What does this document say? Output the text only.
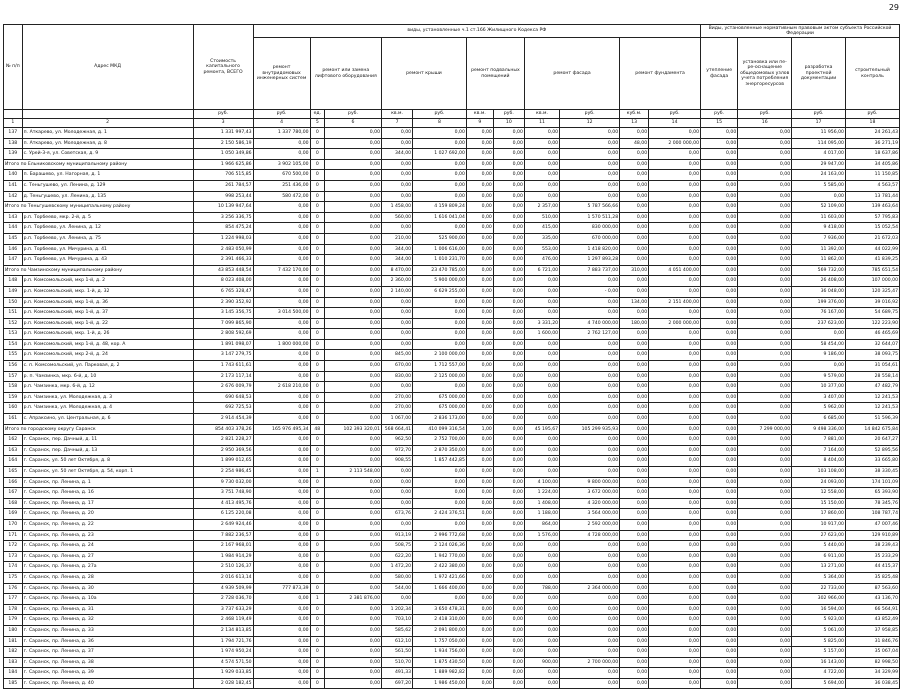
29
№ п/п	Адрес МКД	Стоимость капитального ремонта, ВСЕГО	виды, установленные ч.1 ст.166 Жилищного Кодекса РФ											Виды, установленные нормативным правовым актом субъекта Российской Федерации			
			ремонт внутридомовых инженерных систем	ремонт или замена лифтового оборудования		ремонт крыши		ремонт подвальных помещений		ремонт фасада		ремонт фундамента		утепление фасада	установка или пе-ре-оснащение общедомовых узлов учета потребления энергоресурсов	разработка проектной документации	строительный контроль
		руб.	руб.	ед.	руб.	кв.м.	руб.	кв.м.	руб.	кв.м.	руб.	куб.м.	руб.	руб.	руб.	руб.	руб.
1	2	3	4	5	6	7	8	9	10	11	12	13	14	15	16	17	18
137	п. Аткарево, ул. Молодежная, д. 1	1 331 997,43	1 337 780,00	0	0,00	0,00	0,00	0,00	0,00	0,00	0,00	0,00	0,00	0,00	0,00	11 956,00	24 261,43
138	п. Аткарево, ул. Молодежная, д. 8	2 150 586,19	0,00	0	0,00	0,00	0,00	0,00	0,00	0,00	0,00	48,00	2 000 000,00	0,00	0,00	114 095,00	36 271,19
139	с. Урей-3-я, ул. Советская, д. 9	1 050 349,86	0,00	0	0,00	344,00	1 027 692,00	0,00	0,00	0,00	0,00	0,00	0,00	0,00	0,00	4 017,00	18 637,86
Итого по Ельниковскому муниципальному району		1 966 625,86	3 902 105,00	0	0,00	0,00	0,00	0,00	0,00	0,00	0,00	0,00	0,00	0,00	0,00	29 947,00	34 405,86
140	п. Барашево, ул. Нагорная, д. 1	706 515,85	670 500,00	0	0,00	0,00	0,00	0,00	0,00	0,00	0,00	0,00	0,00	0,00	0,00	24 163,00	11 150,85
141	с. Теньгушево, ул. Ленина, д. 129	261 784,57	251 436,00	0	0,00	0,00	0,00	0,00	0,00	0,00	0,00	0,00	0,00	0,00	0,00	5 585,00	4 563,57
142	д. Теньгушево, ул. Ленина, д. 135	998 253,44	580 472,00	0	0,00	0,00	0,00	0,00	0,00	0,00	0,00	0,00	0,00	0,00	0,00	0,00	13 781,44
Итого по Теньгушевскому муниципальному району		10 139 947,64	0,00	0	0,00	1 458,00	4 159 809,24	0,00	0,00	2 357,00	5 787 566,66	0,00	0,00	0,00	0,00	52 109,00	139 463,64
143	р.п. Торбеево, мкр. 2-й, д. 5	3 256 336,75	0,00	0	0,00	560,00	1 616 041,04	0,00	0,00	510,00	1 570 511,28	0,00	0,00	0,00	0,00	11 603,00	57 795,83
144	р.п. Торбеево, ул. Ленина, д. 12	854 475,24	0,00	0	0,00	0,00	0,00	0,00	0,00	415,00	830 000,00	0,00	0,00	0,00	0,00	9 418,00	15 052,54
145	р.п. Торбеево, ул. Ленина, д. 75	1 224 998,03	0,00	0	0,00	210,00	525 900,00	0,00	0,00	335,00	670 000,00	0,00	0,00	0,00	0,00	7 936,00	21 672,03
146	р.п. Торбеево, ул. Мичурина, д. 41	2 483 050,99	0,00	0	0,00	344,00	1 006 616,00	0,00	0,00	553,00	1 418 820,00	0,00	0,00	0,00	0,00	11 392,00	44 022,99
147	р.п. Торбеево, ул. Мичурина, д. 43	2 391 466,33	0,00	0	0,00	344,00	1 010 231,70	0,00	0,00	476,00	1 297 893,28	0,00	0,00	0,00	0,00	11 862,00	41 839,25
Итого по Чамзинскому муниципальному району		43 853 448,54	7 432 170,00	0	0,00	8 470,00	23 470 785,00	0,00	0,00	6 721,00	7 883 737,00	310,00	4 051 400,00	0,00	0,00	569 732,00	785 651,54
148	р.п. Комсомольский, мкр 1-й, д. 2	8 023 408,00	0,00	0	0,00	2 360,00	5 900 000,00	0,00	0,00	0,00	0,00	0,00	0,00	0,00	0,00	26 408,00	107 000,00
149	р.п. Комсомольский, мкр. 1-й, д. 32	6 765 328,47	0,00	0	0,00	2 140,00	6 629 255,00	0,00	0,00	0,00	- 0,00	0,00	0,00	0,00	0,00	36 048,00	120 325,47
150	р.п. Комсомольский, мкр 1-й, д. 36	2 390 352,92	0,00	0	0,00	0,00	0,00	0,00	0,00	0,00	0,00	134,00	2 151 400,00	0,00	0,00	199 376,00	39 016,92
151	р.п. Комсомольский, мкр 1-й, д. 37	3 145 356,75	3 014 500,00	0	0,00	0,00	0,00	0,00	0,00	0,00	0,00	0,00	0,00	0,00	0,00	76 167,00	54 689,75
152	р.п. Комсомольский, мкр 1-й, д. 22	7 099 865,90	0,00	0	0,00	0,00	0,00	0,00	0,00	3 331,20	4 740 000,00	180,00	2 000 000,00	0,00	0,00	237 623,00	122 223,90
153	р.п. Комсомольский, мкр. 1-й, д. 26	2 808 592,69	0,00	0	0,00	0,00	0,00	0,00	0,00	1 600,00	2 762 127,00	0,00	0,00	0,00	0,00	0,00	46 465,69
154	р.п. Комсомольский, мкр 1-й, д. 48, кор. А	1 891 098,07	1 800 000,00	0	0,00	0,00	0,00	0,00	0,00	0,00	0,00	0,00	0,00	0,00	0,00	58 454,00	32 644,07
155	р.п. Комсомольский, мкр 2-й, д. 24	3 147 279,75	0,00	0	0,00	845,00	2 100 000,00	0,00	0,00	0,00	0,00	0,00	0,00	0,00	0,00	9 186,00	38 093,75
156	с. п. Комсомольский, ул. Парковая, д. 2	1 743 611,61	0,00	0	0,00	670,00	1 712 557,00	0,00	0,00	0,00	0,00	0,00	0,00	0,00	0,00	0,00	31 054,61
157	р. п. Чамзинка, мкр. 6-й, д. 10	2 173 117,14	0,00	0	0,00	830,00	2 125 000,00	0,00	0,00	0,00	0,00	0,00	0,00	0,00	0,00	9 579,00	28 558,14
158	р.п. Чамзинка, мкр. 6-й, д. 12	2 676 009,79	2 618 210,00	0	0,00	0,00	0,00	0,00	0,00	0,00	0,00	0,00	0,00	0,00	0,00	10 377,00	47 482,79
159	р.п. Чамзинка, ул. Молодежная, д. 3	690 648,53	0,00	0	0,00	270,00	675 000,00	0,00	0,00	0,00	0,00	0,00	0,00	0,00	0,00	3 407,00	12 241,53
160	р.п. Чамзинка, ул. Молодежная, д. 4	692 725,53	0,00	0	0,00	270,00	675 000,00	0,00	0,00	0,00	0,00	0,00	0,00	0,00	0,00	5 962,00	12 241,53
161	с. Апраксино, ул. Центральная, д. 6	2 914 454,39	0,00	0	0,00	1 067,00	2 836 173,00	0,00	0,00	0,00	0,00	0,00	0,00	0,00	0,00	6 685,00	51 596,39
Итого по городскому округу Саранск		854 403 378,26	165 976 495,34	48	102 393 320,01	568 664,41	410 099 316,54	1,00	0,00	45 195,67	105 299 935,93	0,00	0,00	0,00	7 299 000,00	9 498 336,00	14 842 675,84
162	г. Саранск, пер. Дачный, д. 11	2 821 228,27	0,00	0	0,00	962,50	2 752 700,00	0,00	0,00	0,00	0,00	0,00	0,00	0,00	0,00	7 881,00	20 647,27
163	г. Саранск, пер. Дачный, д. 13	2 950 369,56	0,00	0	0,00	972,70	2 870 350,00	0,00	0,00	0,00	0,00	0,00	0,00	0,00	0,00	7 164,00	52 895,56
164	г. Саранск, ул. 50 лет Октября, д. 8	1 899 012,65	0,00	0	0,00	908,55	1 857 442,85	0,00	0,00	0,00	0,00	0,00	0,00	0,00	0,00	8 404,00	33 665,80
165	г. Саранск, ул. 50 лет Октября, д. 54, корп. 1	2 254 986,45	0,00	1	2 113 548,00	0,00	0,00	0,00	0,00	0,00	0,00	0,00	0,00	0,00	0,00	103 108,00	38 330,45
166	г. Саранск, пр. Ленина, д. 1	9 730 032,00	0,00	0	0,00	0,00	0,00	0,00	0,00	4 100,00	9 800 000,00	0,00	0,00	0,00	0,00	24 093,00	174 101,09
167	г. Саранск, пр. Ленина, д. 16	3 751 748,90	0,00	0	0,00	0,00	0,00	0,00	0,00	1 224,00	3 672 000,00	0,00	0,00	0,00	0,00	12 558,00	65 393,90
168	г. Саранск, пр. Ленина, д. 17	4 413 495,76	0,00	0	0,00	0,00	0,00	0,00	0,00	1 408,00	4 320 000,00	0,00	0,00	0,00	0,00	15 150,00	78 345,76
169	г. Саранск, пр. Ленина, д. 20	6 125 220,08	0,00	0	0,00	673,76	2 424 376,51	0,00	0,00	1 188,00	3 564 000,00	0,00	0,00	0,00	0,00	17 860,00	108 787,74
170	г. Саранск, пр. Ленина, д. 22	2 649 924,46	0,00	0	0,00	0,00	0,00	0,00	0,00	864,00	2 592 000,00	0,00	0,00	0,00	0,00	10 917,00	47 007,46
171	г. Саранск, пр. Ленина, д. 23	7 882 236,57	0,00	0	0,00	913,19	2 996 772,68	0,00	0,00	1 576,00	4 728 000,00	0,00	0,00	0,00	0,00	27 623,00	129 910,89
172	г. Саранск, пр. Ленина, д. 24	2 167 968,01	0,00	0	0,00	508,75	2 124 026,36	0,00	0,00	0,00	0,00	0,00	0,00	0,00	0,00	5 440,00	38 239,43
173	г. Саранск, пр. Ленина, д. 27	1 984 914,29	0,00	0	0,00	622,20	1 942 770,00	0,00	0,00	0,00	0,00	0,00	0,00	0,00	0,00	6 911,00	35 233,29
174	г. Саранск, пр. Ленина, д. 27а	2 510 126,37	0,00	0	0,00	1 472,20	2 422 380,00	0,00	0,00	0,00	0,00	0,00	0,00	0,00	0,00	13 271,00	44 415,37
175	г. Саранск, пр. Ленина, д. 28	2 016 613,14	0,00	0	0,00	580,00	1 972 421,66	0,00	0,00	0,00	0,00	0,00	0,00	0,00	0,00	5 364,00	35 825,48
176	г. Саранск, пр. Ленина, д. 30	4 939 509,99	777 873,39	0	0,00	544,00	1 666 400,00	0,00	0,00	788,00	2 364 000,00	0,00	0,00	0,00	0,00	22 733,00	87 563,60
177	г. Саранск, пр. Ленина, д. 10а	2 728 036,70	0,00	1	2 381 876,00	0,00	0,00	0,00	0,00	0,00	0,00	0,00	0,00	0,00	0,00	302 966,00	43 136,70
178	г. Саранск, пр. Ленина, д. 31	3 737 633,29	0,00	0	0,00	1 202,34	3 650 478,31	0,00	0,00	0,00	0,00	0,00	0,00	0,00	0,00	16 594,00	66 564,91
179	г. Саранск, пр. Ленина, д. 32	2 468 119,49	0,00	0	0,00	703,10	2 418 310,00	0,00	0,00	0,00	0,00	0,00	0,00	0,00	0,00	5 923,00	43 852,49
180	г. Саранск, пр. Ленина, д. 33	2 134 813,85	0,00	0	0,00	585,62	2 091 800,00	0,00	0,00	0,00	0,00	0,00	0,00	0,00	0,00	5 061,00	37 958,85
181	г. Саранск, пр. Ленина, д. 36	1 794 721,76	0,00	0	0,00	612,10	1 757 050,00	0,00	0,00	0,00	0,00	0,00	0,00	0,00	0,00	5 825,00	31 846,76
182	г. Саранск, пр. Ленина, д. 37	1 974 950,24	0,00	0	0,00	561,50	1 934 756,00	0,00	0,00	0,00	0,00	0,00	0,00	0,00	0,00	5 157,00	35 067,04
183	г. Саранск, пр. Ленина, д. 38	4 574 571,50	0,00	0	0,00	510,70	1 875 430,50	0,00	0,00	900,00	2 700 000,00	0,00	0,00	0,00	0,00	16 143,00	82 998,50
184	г. Саранск, пр. Ленина, д. 39	1 929 033,85	0,00	0	0,00	491,33	1 889 982,82	0,00	0,00	0,00	0,00	0,00	0,00	0,00	0,00	4 722,00	34 329,99
185	г. Саранск, пр. Ленина, д. 40	2 028 182,45	0,00	0	0,00	697,20	1 986 450,00	0,00	0,00	0,00	0,00	0,00	0,00	0,00	0,00	5 694,00	36 038,45
